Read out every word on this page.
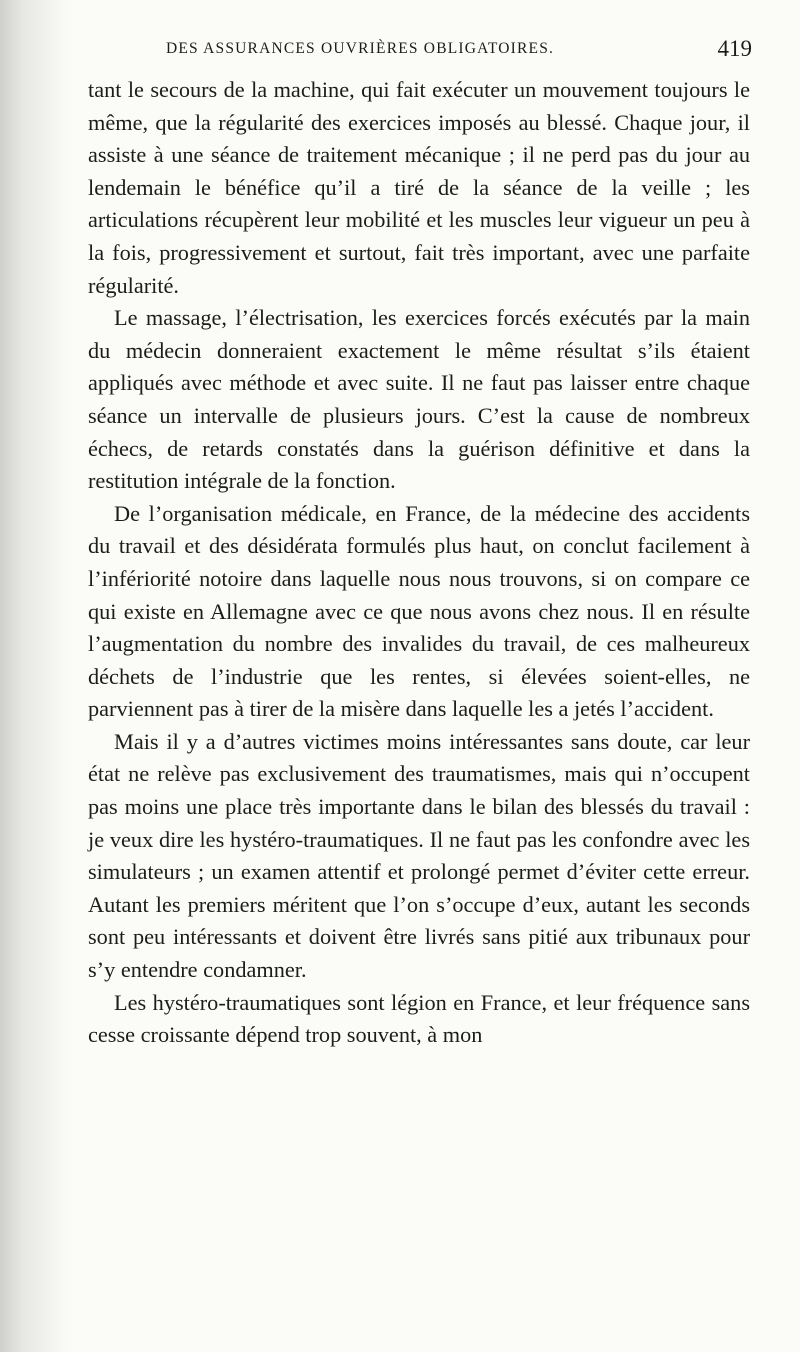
DES ASSURANCES OUVRIÈRES OBLIGATOIRES.	419

tant le secours de la machine, qui fait exécuter un mouvement toujours le même, que la régularité des exercices imposés au blessé. Chaque jour, il assiste à une séance de traitement mécanique ; il ne perd pas du jour au lendemain le bénéfice qu’il a tiré de la séance de la veille ; les articulations récupèrent leur mobilité et les muscles leur vigueur un peu à la fois, progressivement et surtout, fait très important, avec une parfaite régularité.

Le massage, l’électrisation, les exercices forcés exécutés par la main du médecin donneraient exactement le même résultat s’ils étaient appliqués avec méthode et avec suite. Il ne faut pas laisser entre chaque séance un intervalle de plusieurs jours. C’est la cause de nombreux échecs, de retards constatés dans la guérison définitive et dans la restitution intégrale de la fonction.

De l’organisation médicale, en France, de la médecine des accidents du travail et des désidérata formulés plus haut, on conclut facilement à l’infériorité notoire dans laquelle nous nous trouvons, si on compare ce qui existe en Allemagne avec ce que nous avons chez nous. Il en résulte l’augmentation du nombre des invalides du travail, de ces malheureux déchets de l’industrie que les rentes, si élevées soient-elles, ne parviennent pas à tirer de la misère dans laquelle les a jetés l’accident.

Mais il y a d’autres victimes moins intéressantes sans doute, car leur état ne relève pas exclusivement des traumatismes, mais qui n’occupent pas moins une place très importante dans le bilan des blessés du travail : je veux dire les hystéro-traumatiques. Il ne faut pas les confondre avec les simulateurs ; un examen attentif et prolongé permet d’éviter cette erreur. Autant les premiers méritent que l’on s’occupe d’eux, autant les seconds sont peu intéressants et doivent être livrés sans pitié aux tribunaux pour s’y entendre condamner.

Les hystéro-traumatiques sont légion en France, et leur fréquence sans cesse croissante dépend trop souvent, à mon
